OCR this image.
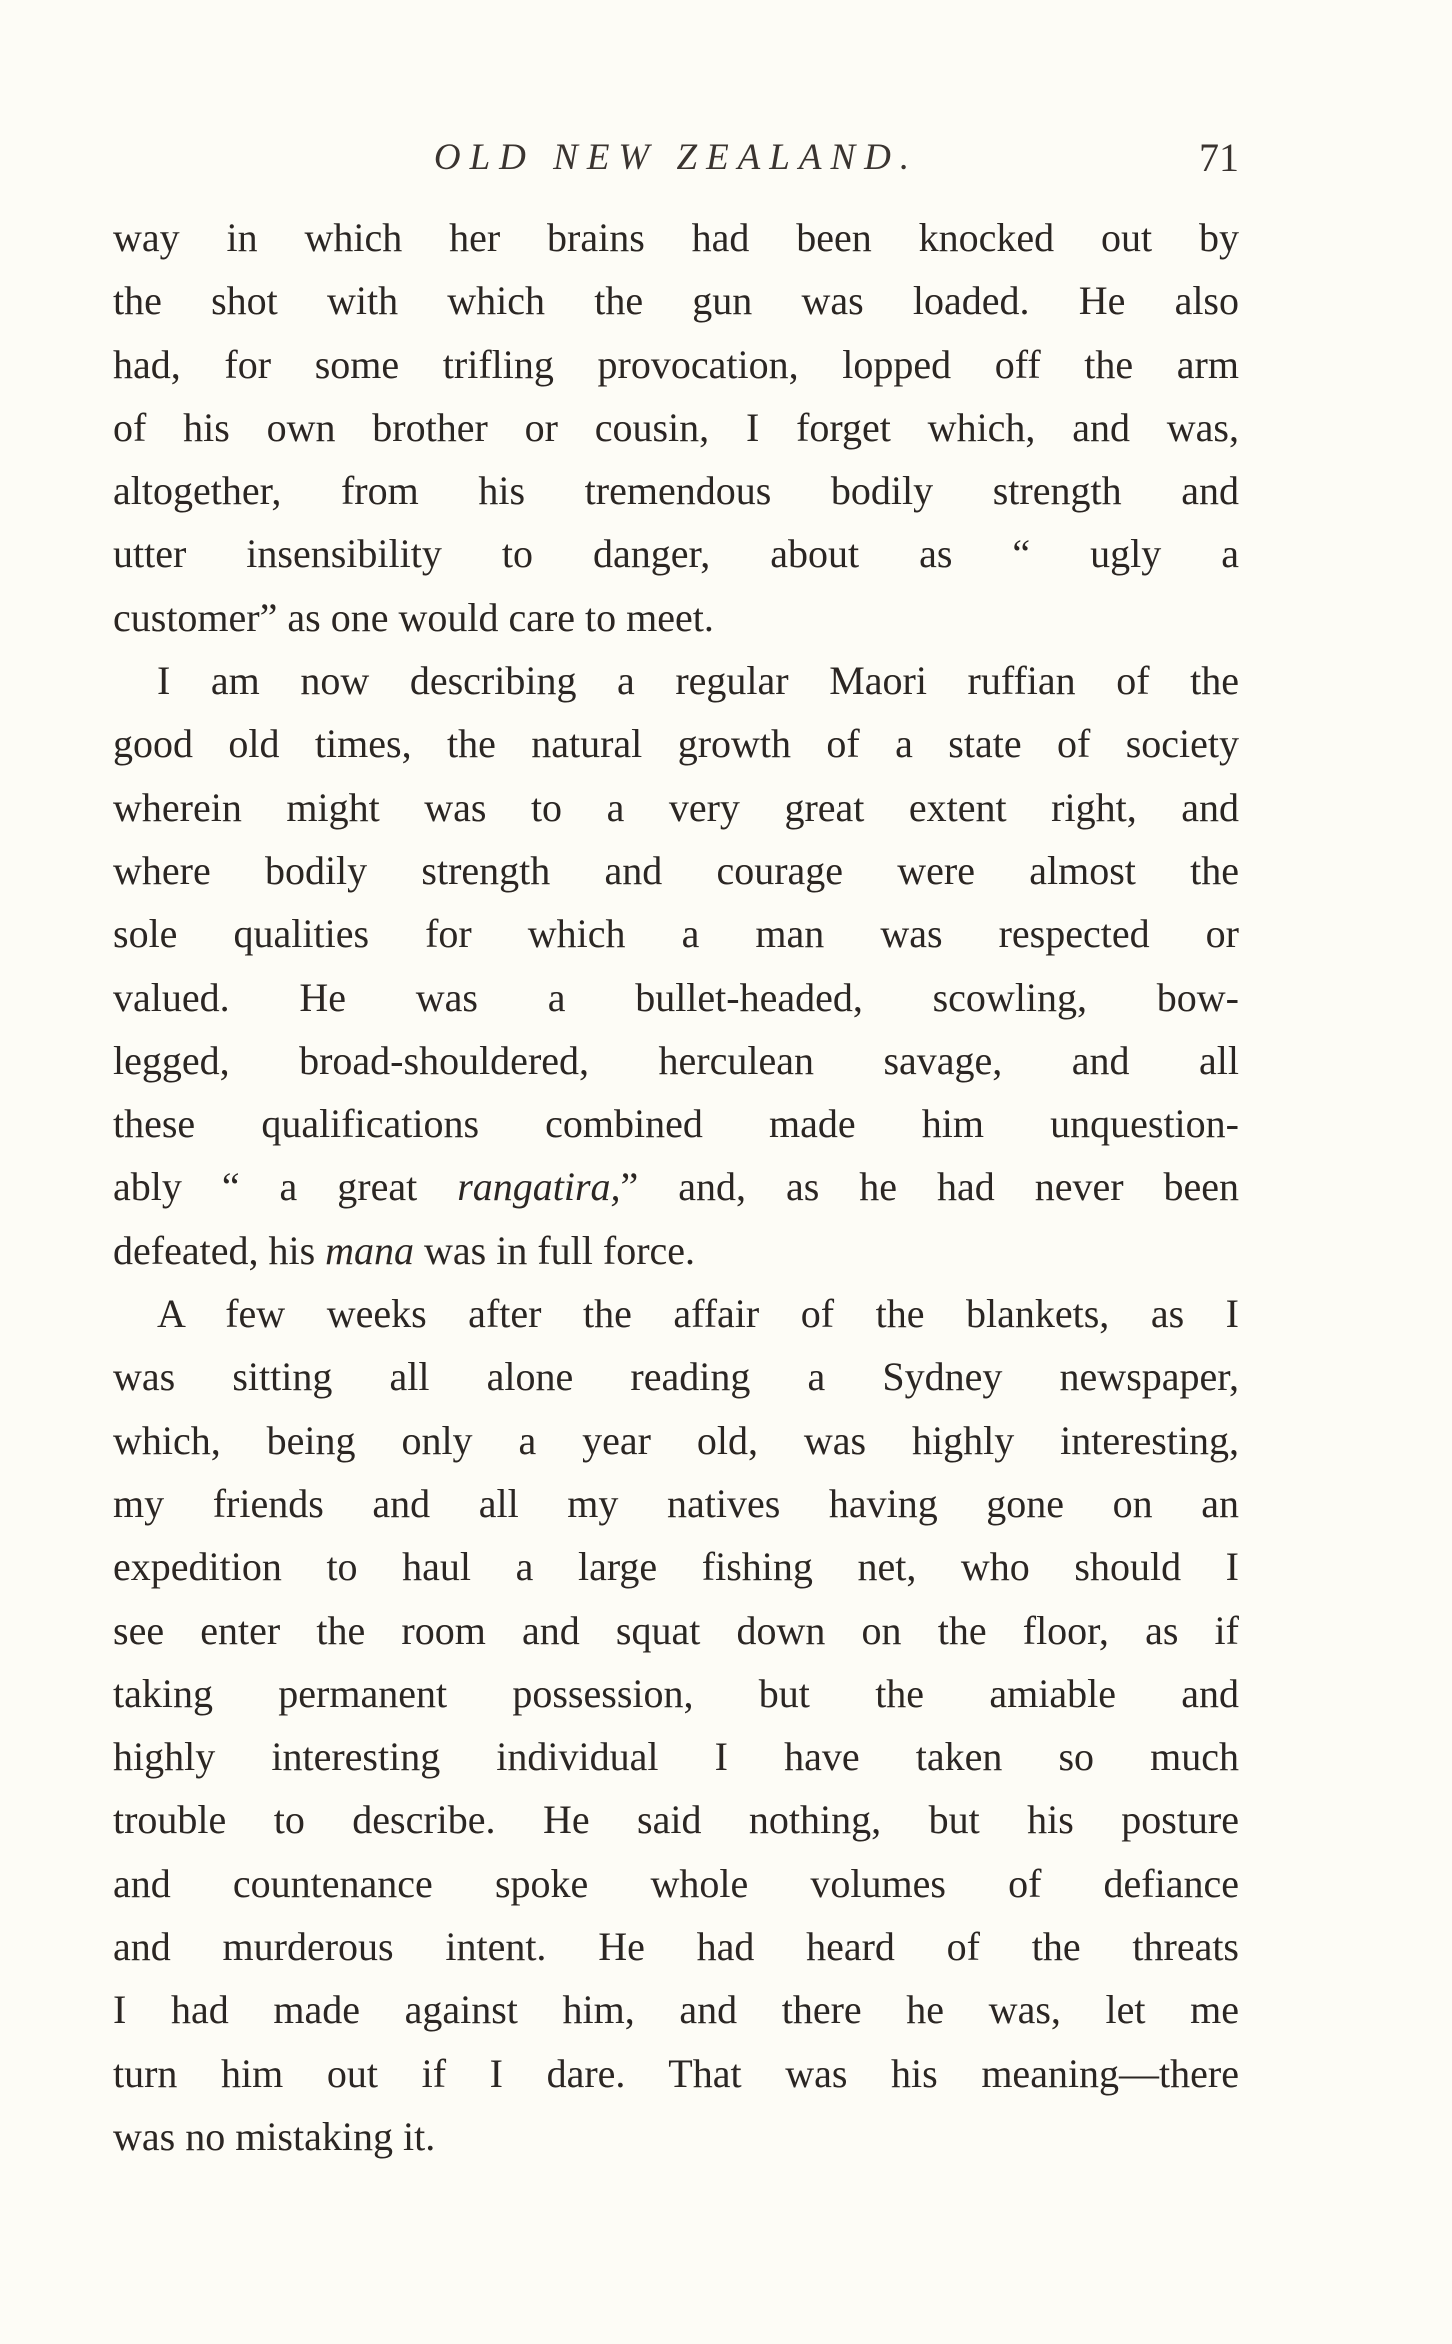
OLD NEW ZEALAND.	71
way in which her brains had been knocked out by
the shot with which the gun was loaded. He also
had, for some trifling provocation, lopped off the arm
of his own brother or cousin, I forget which, and was,
altogether, from his tremendous bodily strength and
utter insensibility to danger, about as “ ugly a
customer” as one would care to meet.
I am now describing a regular Maori ruffian of the
good old times, the natural growth of a state of society
wherein might was to a very great extent right, and
where bodily strength and courage were almost the
sole qualities for which a man was respected or
valued. He was a bullet-headed, scowling, bow-
legged, broad-shouldered, herculean savage, and all
these qualifications combined made him unquestion-
ably “ a great rangatira,” and, as he had never been
defeated, his mana was in full force.
A few weeks after the affair of the blankets, as I
was sitting all alone reading a Sydney newspaper,
which, being only a year old, was highly interesting,
my friends and all my natives having gone on an
expedition to haul a large fishing net, who should I
see enter the room and squat down on the floor, as if
taking permanent possession, but the amiable and
highly interesting individual I have taken so much
trouble to describe. He said nothing, but his posture
and countenance spoke whole volumes of defiance
and murderous intent. He had heard of the threats
I had made against him, and there he was, let me
turn him out if I dare. That was his meaning—there
was no mistaking it.
